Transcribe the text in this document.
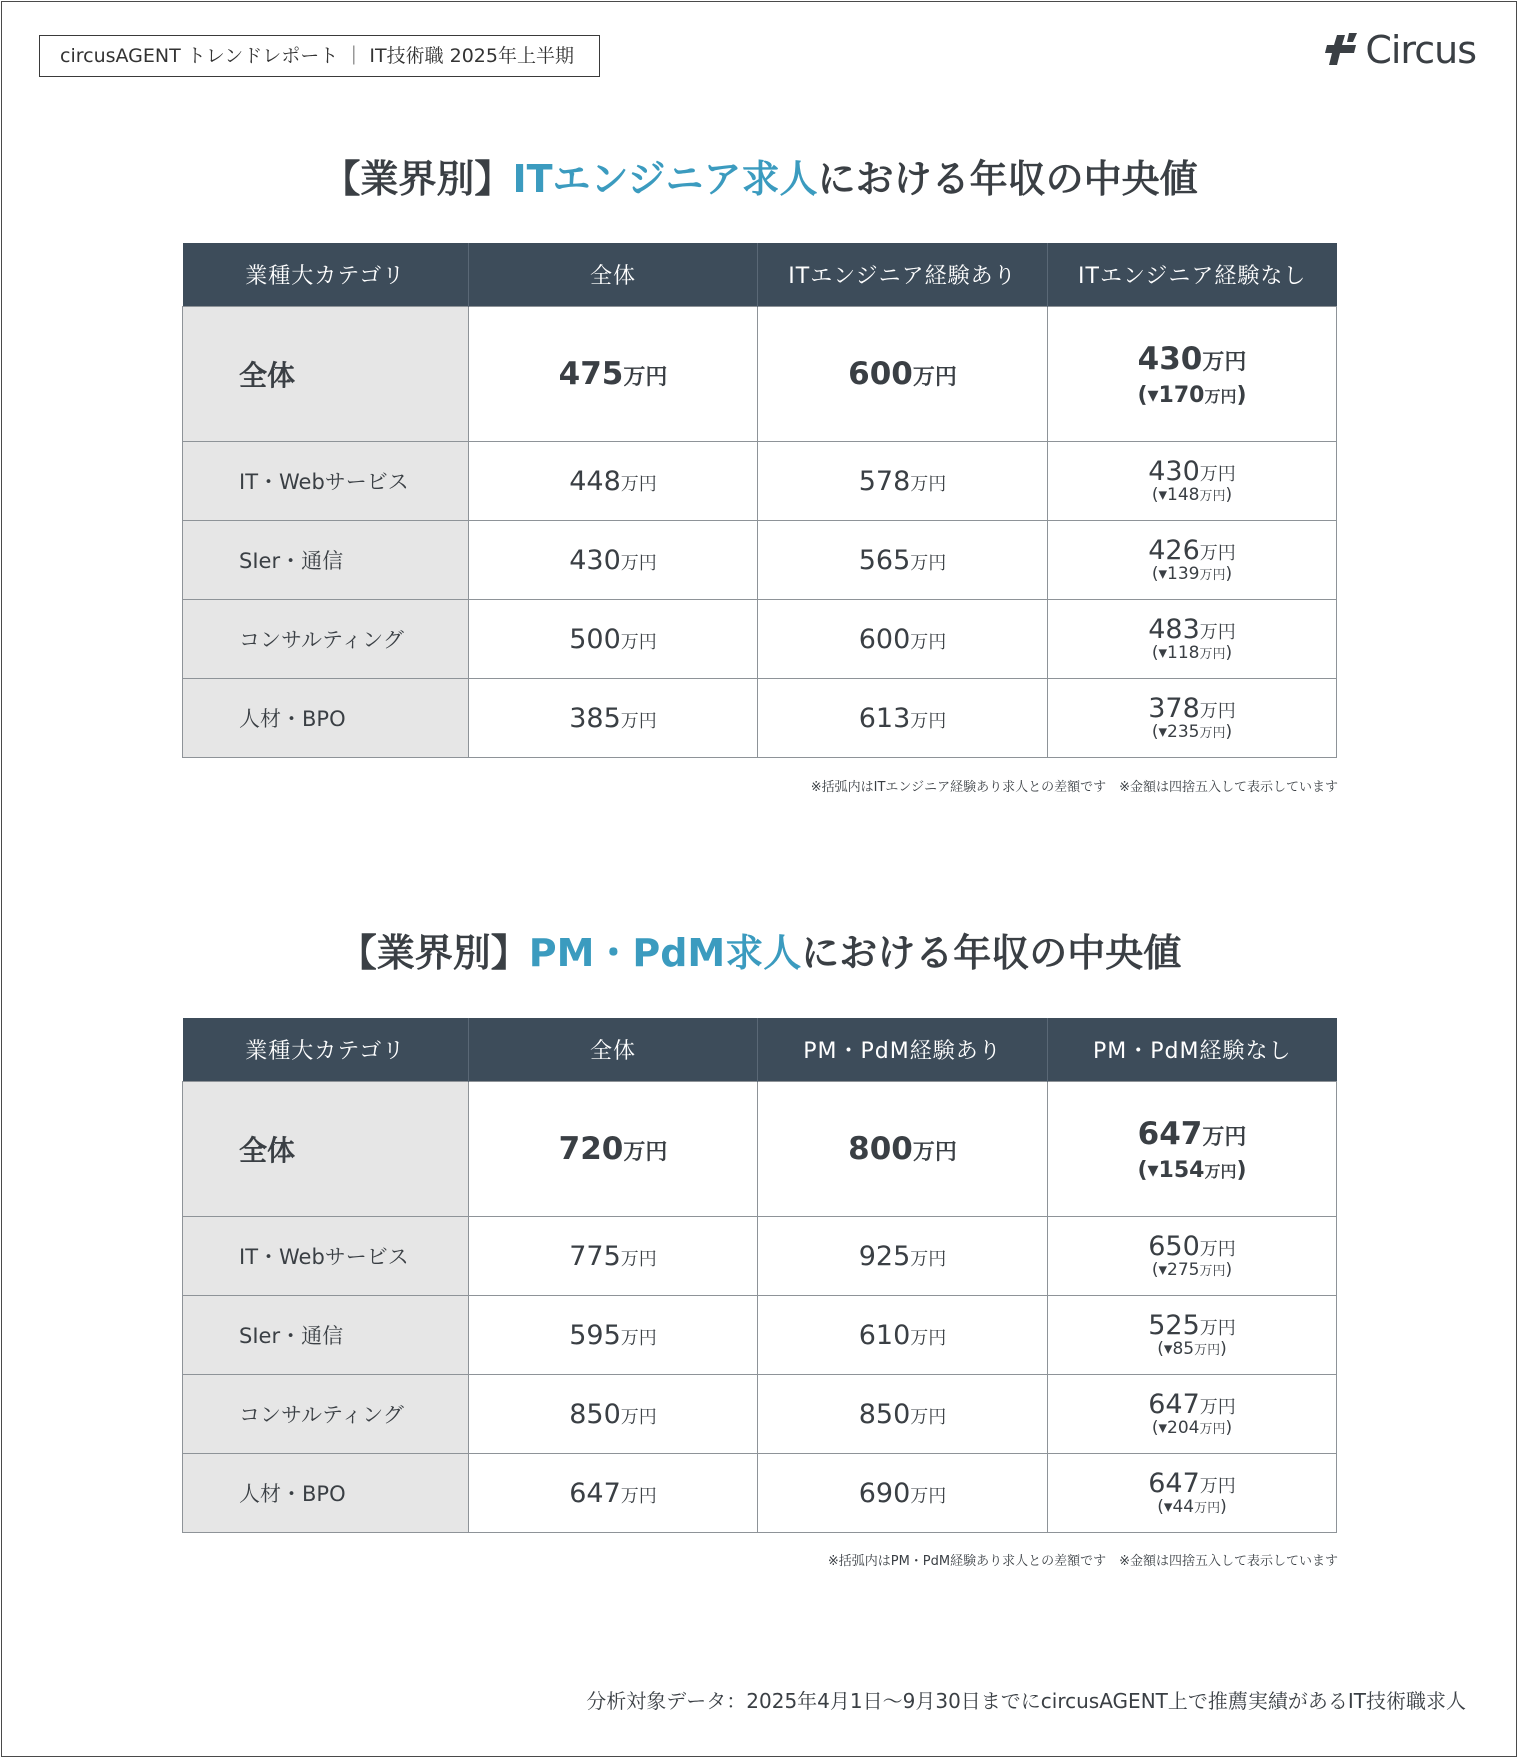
circusAGENT トレンドレポート ｜ IT技術職 2025年上半期	Circus
【業界別】ITエンジニア求人における年収の中央値
業種大カテゴリ	全体	ITエンジニア経験あり	ITエンジニア経験なし
全体	475万円	600万円	430万円
(▾170万円)

IT・Webサービス	448万円	578万円	430万円
(▾148万円)

SIer・通信	430万円	565万円	426万円
(▾139万円)

コンサルティング	500万円	600万円	483万円
(▾118万円)

人材・BPO	385万円	613万円	378万円
(▾235万円)
※括弧内はITエンジニア経験あり求人との差額です　※金額は四捨五入して表示しています
【業界別】PM・PdM求人における年収の中央値
業種大カテゴリ	全体	PM・PdM経験あり	PM・PdM経験なし
全体	720万円	800万円	647万円
(▾154万円)

IT・Webサービス	775万円	925万円	650万円
(▾275万円)

SIer・通信	595万円	610万円	525万円
(▾85万円)

コンサルティング	850万円	850万円	647万円
(▾204万円)

人材・BPO	647万円	690万円	647万円
(▾44万円)
※括弧内はPM・PdM経験あり求人との差額です　※金額は四捨五入して表示しています
分析対象データ：2025年4月1日〜9月30日までにcircusAGENT上で推薦実績があるIT技術職求人
